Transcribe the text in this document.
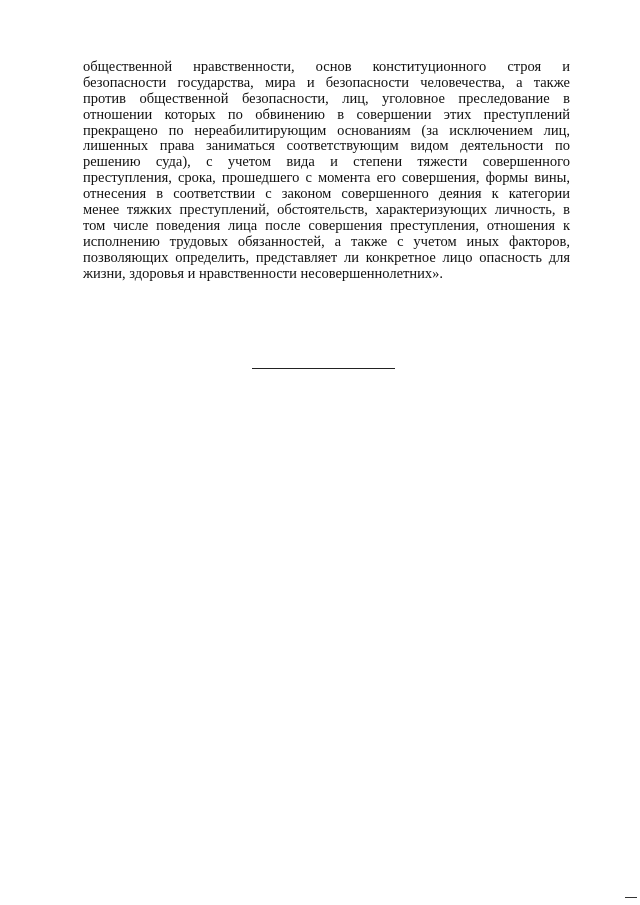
общественной нравственности, основ конституционного строя и
безопасности государства, мира и безопасности человечества, а также
против общественной безопасности, лиц, уголовное преследование в
отношении которых по обвинению в совершении этих преступлений
прекращено по нереабилитирующим основаниям (за исключением лиц,
лишенных права заниматься соответствующим видом деятельности по
решению суда), с учетом вида и степени тяжести совершенного
преступления, срока, прошедшего с момента его совершения, формы вины,
отнесения в соответствии с законом совершенного деяния к категории
менее тяжких преступлений, обстоятельств, характеризующих личность, в
том числе поведения лица после совершения преступления, отношения к
исполнению трудовых обязанностей, а также с учетом иных факторов,
позволяющих определить, представляет ли конкретное лицо опасность для
жизни, здоровья и нравственности несовершеннолетних».
